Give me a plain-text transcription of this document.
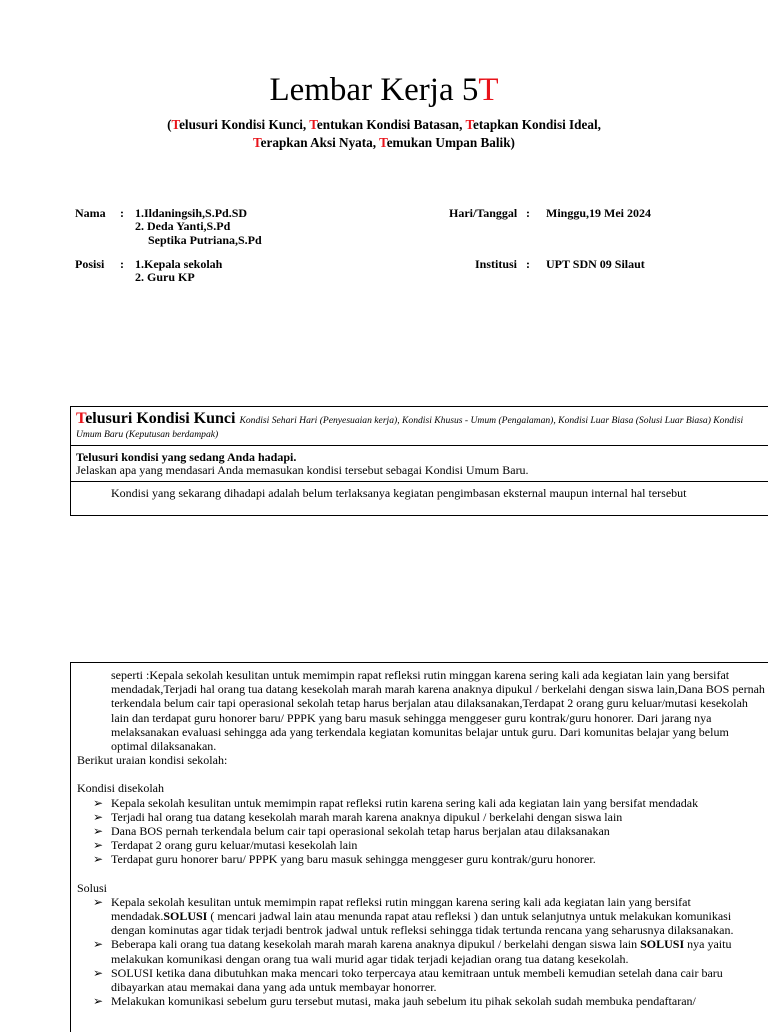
Lembar Kerja 5T
(Telusuri Kondisi Kunci, Tentukan Kondisi Batasan, Tetapkan Kondisi Ideal,
Terapkan Aksi Nyata, Temukan Umpan Balik)
Nama : 1.Ildaningsih,S.Pd.SD
2. Deda Yanti,S.Pd
Septika Putriana,S.Pd
Hari/Tanggal : Minggu,19 Mei 2024
Posisi : 1.Kepala sekolah
2. Guru KP
Institusi : UPT SDN 09 Silaut
Telusuri Kondisi Kunci Kondisi Sehari Hari (Penyesuaian kerja), Kondisi Khusus - Umum (Pengalaman), Kondisi Luar Biasa (Solusi Luar Biasa) Kondisi Umum Baru (Keputusan berdampak)
Telusuri kondisi yang sedang Anda hadapi.
Jelaskan apa yang mendasari Anda memasukan kondisi tersebut sebagai Kondisi Umum Baru.
Kondisi yang sekarang dihadapi adalah belum terlaksanya kegiatan pengimbasan eksternal maupun internal hal tersebut
seperti :Kepala sekolah kesulitan untuk memimpin rapat refleksi rutin minggan karena sering kali ada kegiatan lain yang bersifat mendadak,Terjadi hal orang tua datang kesekolah marah marah karena anaknya dipukul / berkelahi dengan siswa lain,Dana BOS pernah terkendala belum cair tapi operasional sekolah tetap harus berjalan atau dilaksanakan,Terdapat 2 orang guru keluar/mutasi kesekolah lain dan terdapat guru honorer baru/ PPPK yang baru masuk sehingga menggeser guru kontrak/guru honorer. Dari jarang nya melaksanakan evaluasi sehingga ada yang terkendala kegiatan komunitas belajar untuk guru. Dari komunitas belajar yang belum optimal dilaksanakan.
Berikut uraian kondisi sekolah:
Kondisi disekolah
➢ Kepala sekolah kesulitan untuk memimpin rapat refleksi rutin karena sering kali ada kegiatan lain yang bersifat mendadak
➢ Terjadi hal orang tua datang kesekolah marah marah karena anaknya dipukul / berkelahi dengan siswa lain
➢ Dana BOS pernah terkendala belum cair tapi operasional sekolah tetap harus berjalan atau dilaksanakan
➢ Terdapat 2 orang guru keluar/mutasi kesekolah lain
➢ Terdapat guru honorer baru/ PPPK yang baru masuk sehingga menggeser guru kontrak/guru honorer.
Solusi
➢ Kepala sekolah kesulitan untuk memimpin rapat refleksi rutin minggan karena sering kali ada kegiatan lain yang bersifat mendadak.SOLUSI ( mencari jadwal lain atau menunda rapat atau refleksi ) dan untuk selanjutnya untuk melakukan komunikasi dengan kominutas agar tidak terjadi bentrok jadwal untuk refleksi sehingga tidak tertunda rencana yang seharusnya dilaksanakan.
➢ Beberapa kali orang tua datang kesekolah marah marah karena anaknya dipukul / berkelahi dengan siswa lain SOLUSI nya yaitu melakukan komunikasi dengan orang tua wali murid agar tidak terjadi kejadian orang tua datang kesekolah.
➢ SOLUSI ketika dana dibutuhkan maka mencari toko terpercaya atau kemitraan untuk membeli kemudian setelah dana cair baru dibayarkan atau memakai dana yang ada untuk membayar honorrer.
➢ Melakukan komunikasi sebelum guru tersebut mutasi, maka jauh sebelum itu pihak sekolah sudah membuka pendaftaran/
